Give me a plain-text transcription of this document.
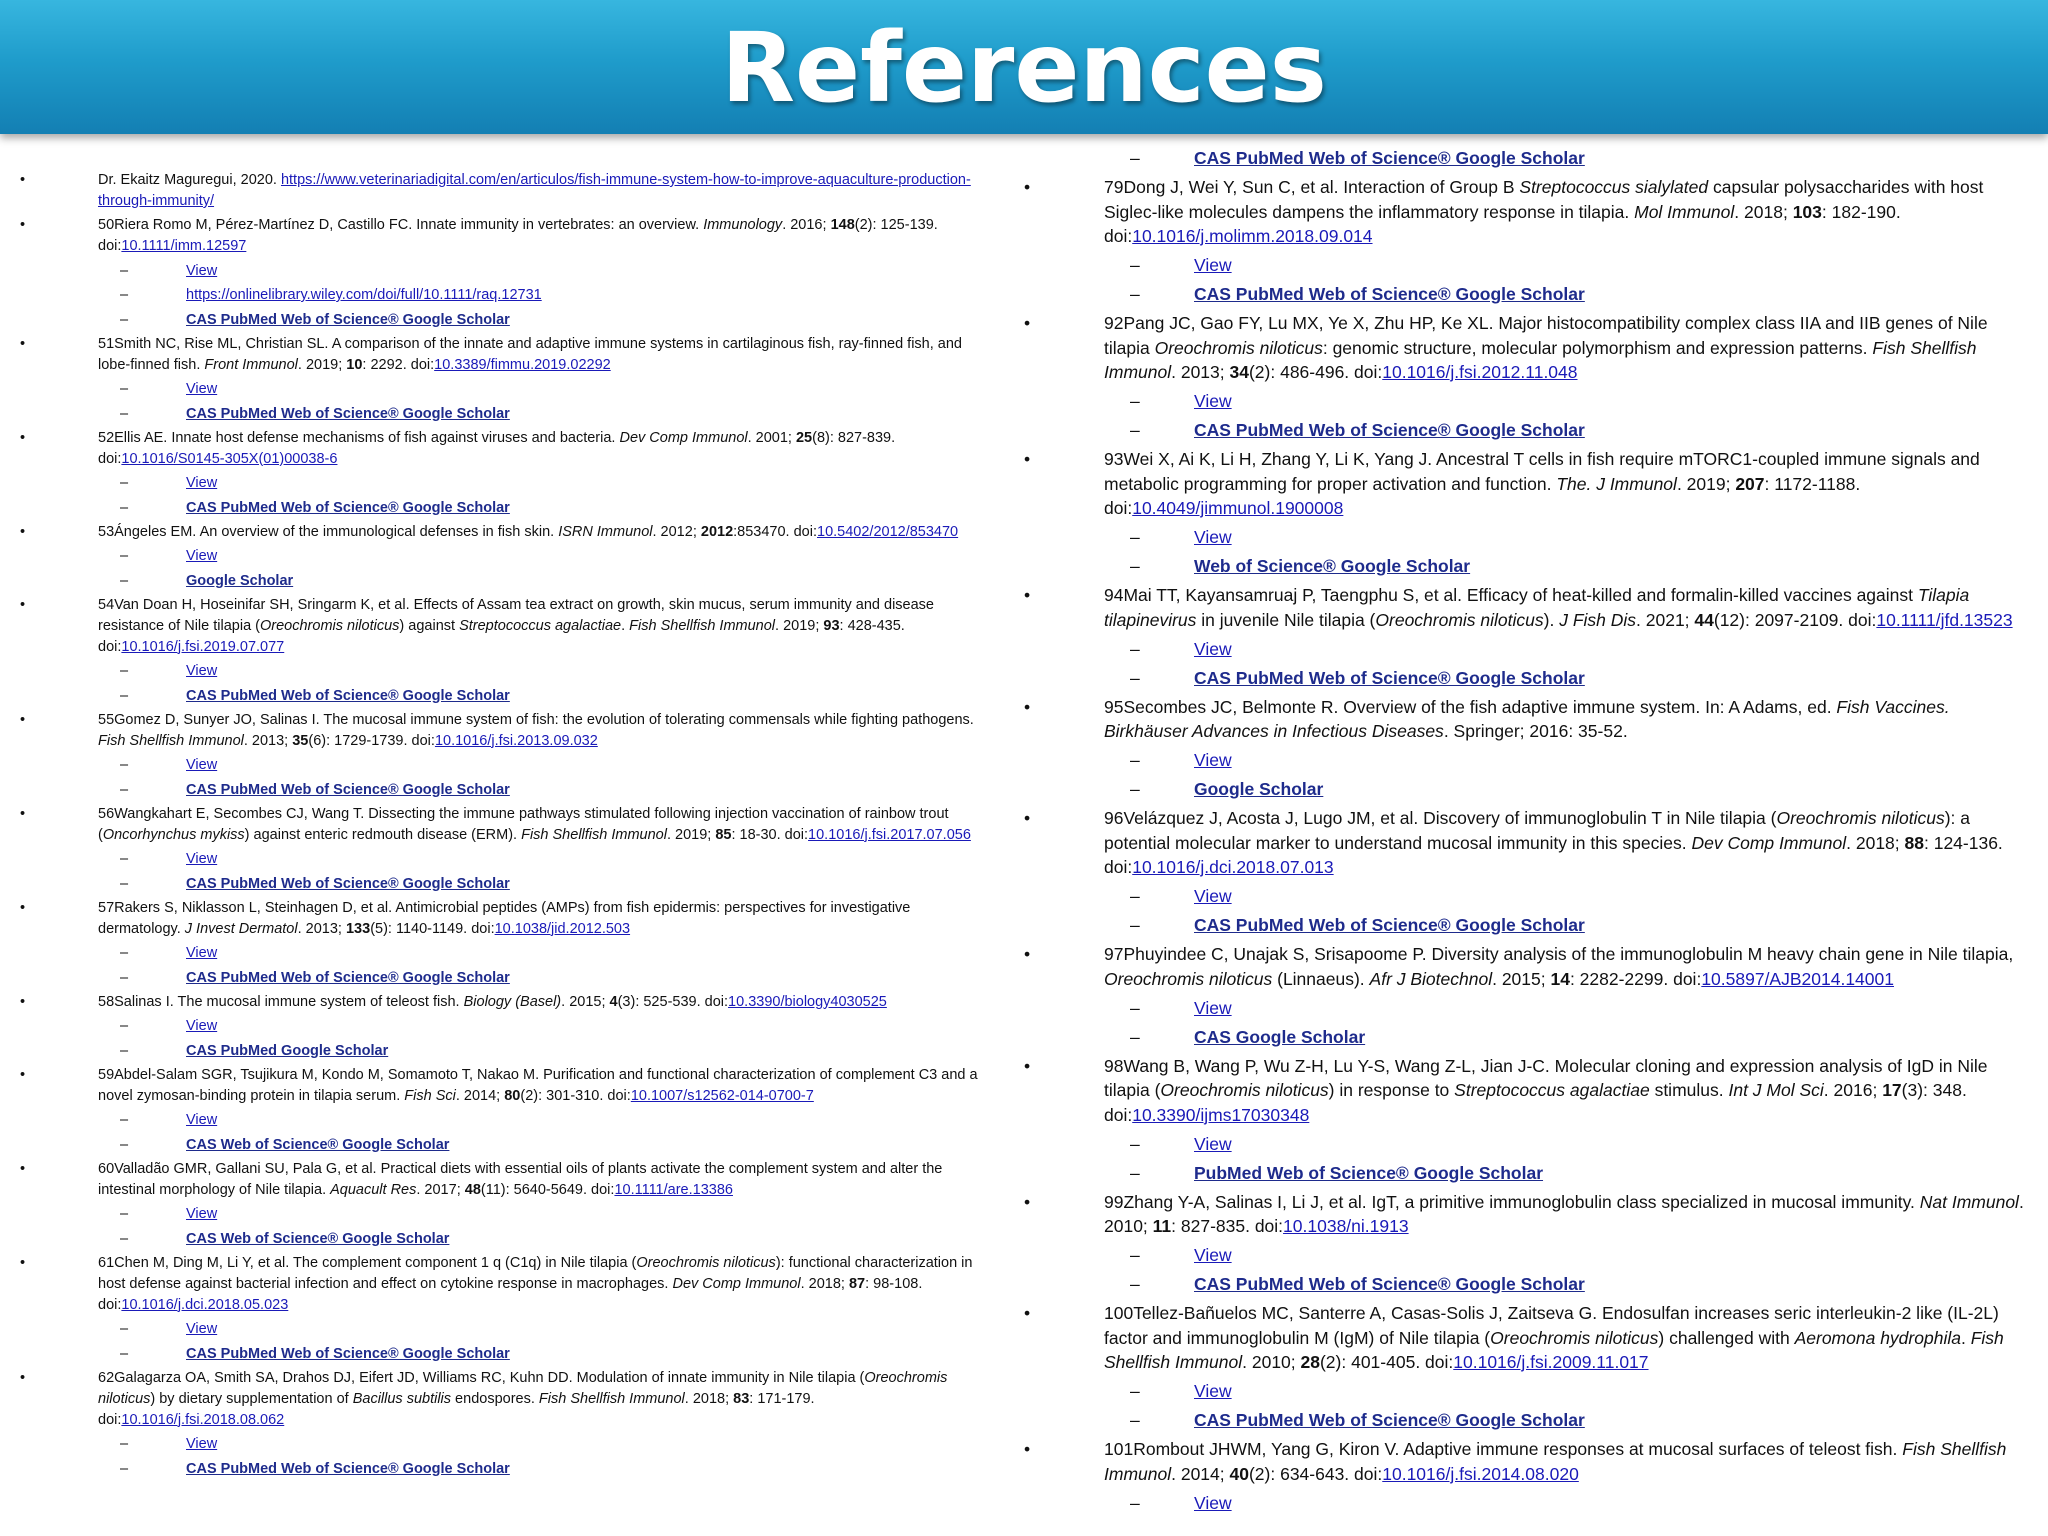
References
•	Dr. Ekaitz Maguregui, 2020. https://www.veterinariadigital.com/en/articulos/fish-immune-system-how-to-improve-aquaculture-production-through-immunity/
•	50Riera Romo M, Pérez-Martínez D, Castillo FC. Innate immunity in vertebrates: an overview. Immunology. 2016; 148(2): 125-139. doi:10.1111/imm.12597
–	View
–	https://onlinelibrary.wiley.com/doi/full/10.1111/raq.12731
–	CAS PubMed Web of Science® Google Scholar
•	51Smith NC, Rise ML, Christian SL. A comparison of the innate and adaptive immune systems in cartilaginous fish, ray-finned fish, and lobe-finned fish. Front Immunol. 2019; 10: 2292. doi:10.3389/fimmu.2019.02292
–	View
–	CAS PubMed Web of Science® Google Scholar
•	52Ellis AE. Innate host defense mechanisms of fish against viruses and bacteria. Dev Comp Immunol. 2001; 25(8): 827-839. doi:10.1016/S0145-305X(01)00038-6
–	View
–	CAS PubMed Web of Science® Google Scholar
•	53Ángeles EM. An overview of the immunological defenses in fish skin. ISRN Immunol. 2012; 2012:853470. doi:10.5402/2012/853470
–	View
–	Google Scholar
•	54Van Doan H, Hoseinifar SH, Sringarm K, et al. Effects of Assam tea extract on growth, skin mucus, serum immunity and disease resistance of Nile tilapia (Oreochromis niloticus) against Streptococcus agalactiae. Fish Shellfish Immunol. 2019; 93: 428-435. doi:10.1016/j.fsi.2019.07.077
–	View
–	CAS PubMed Web of Science® Google Scholar
•	55Gomez D, Sunyer JO, Salinas I. The mucosal immune system of fish: the evolution of tolerating commensals while fighting pathogens. Fish Shellfish Immunol. 2013; 35(6): 1729-1739. doi:10.1016/j.fsi.2013.09.032
–	View
–	CAS PubMed Web of Science® Google Scholar
•	56Wangkahart E, Secombes CJ, Wang T. Dissecting the immune pathways stimulated following injection vaccination of rainbow trout (Oncorhynchus mykiss) against enteric redmouth disease (ERM). Fish Shellfish Immunol. 2019; 85: 18-30. doi:10.1016/j.fsi.2017.07.056
–	View
–	CAS PubMed Web of Science® Google Scholar
•	57Rakers S, Niklasson L, Steinhagen D, et al. Antimicrobial peptides (AMPs) from fish epidermis: perspectives for investigative dermatology. J Invest Dermatol. 2013; 133(5): 1140-1149. doi:10.1038/jid.2012.503
–	View
–	CAS PubMed Web of Science® Google Scholar
•	58Salinas I. The mucosal immune system of teleost fish. Biology (Basel). 2015; 4(3): 525-539. doi:10.3390/biology4030525
–	View
–	CAS PubMed Google Scholar
•	59Abdel-Salam SGR, Tsujikura M, Kondo M, Somamoto T, Nakao M. Purification and functional characterization of complement C3 and a novel zymosan-binding protein in tilapia serum. Fish Sci. 2014; 80(2): 301-310. doi:10.1007/s12562-014-0700-7
–	View
–	CAS Web of Science® Google Scholar
•	60Valladão GMR, Gallani SU, Pala G, et al. Practical diets with essential oils of plants activate the complement system and alter the intestinal morphology of Nile tilapia. Aquacult Res. 2017; 48(11): 5640-5649. doi:10.1111/are.13386
–	View
–	CAS Web of Science® Google Scholar
•	61Chen M, Ding M, Li Y, et al. The complement component 1 q (C1q) in Nile tilapia (Oreochromis niloticus): functional characterization in host defense against bacterial infection and effect on cytokine response in macrophages. Dev Comp Immunol. 2018; 87: 98-108. doi:10.1016/j.dci.2018.05.023
–	View
–	CAS PubMed Web of Science® Google Scholar
•	62Galagarza OA, Smith SA, Drahos DJ, Eifert JD, Williams RC, Kuhn DD. Modulation of innate immunity in Nile tilapia (Oreochromis niloticus) by dietary supplementation of Bacillus subtilis endospores. Fish Shellfish Immunol. 2018; 83: 171-179. doi:10.1016/j.fsi.2018.08.062
–	View
–	CAS PubMed Web of Science® Google Scholar
–	CAS PubMed Web of Science® Google Scholar
•	79Dong J, Wei Y, Sun C, et al. Interaction of Group B Streptococcus sialylated capsular polysaccharides with host Siglec-like molecules dampens the inflammatory response in tilapia. Mol Immunol. 2018; 103: 182-190. doi:10.1016/j.molimm.2018.09.014
–	View
–	CAS PubMed Web of Science® Google Scholar
•	92Pang JC, Gao FY, Lu MX, Ye X, Zhu HP, Ke XL. Major histocompatibility complex class IIA and IIB genes of Nile tilapia Oreochromis niloticus: genomic structure, molecular polymorphism and expression patterns. Fish Shellfish Immunol. 2013; 34(2): 486-496. doi:10.1016/j.fsi.2012.11.048
–	View
–	CAS PubMed Web of Science® Google Scholar
•	93Wei X, Ai K, Li H, Zhang Y, Li K, Yang J. Ancestral T cells in fish require mTORC1-coupled immune signals and metabolic programming for proper activation and function. The. J Immunol. 2019; 207: 1172-1188. doi:10.4049/jimmunol.1900008
–	View
–	Web of Science® Google Scholar
•	94Mai TT, Kayansamruaj P, Taengphu S, et al. Efficacy of heat-killed and formalin-killed vaccines against Tilapia tilapinevirus in juvenile Nile tilapia (Oreochromis niloticus). J Fish Dis. 2021; 44(12): 2097-2109. doi:10.1111/jfd.13523
–	View
–	CAS PubMed Web of Science® Google Scholar
•	95Secombes JC, Belmonte R. Overview of the fish adaptive immune system. In: A Adams, ed. Fish Vaccines. Birkhäuser Advances in Infectious Diseases. Springer; 2016: 35-52.
–	View
–	Google Scholar
•	96Velázquez J, Acosta J, Lugo JM, et al. Discovery of immunoglobulin T in Nile tilapia (Oreochromis niloticus): a potential molecular marker to understand mucosal immunity in this species. Dev Comp Immunol. 2018; 88: 124-136. doi:10.1016/j.dci.2018.07.013
–	View
–	CAS PubMed Web of Science® Google Scholar
•	97Phuyindee C, Unajak S, Srisapoome P. Diversity analysis of the immunoglobulin M heavy chain gene in Nile tilapia, Oreochromis niloticus (Linnaeus). Afr J Biotechnol. 2015; 14: 2282-2299. doi:10.5897/AJB2014.14001
–	View
–	CAS Google Scholar
•	98Wang B, Wang P, Wu Z-H, Lu Y-S, Wang Z-L, Jian J-C. Molecular cloning and expression analysis of IgD in Nile tilapia (Oreochromis niloticus) in response to Streptococcus agalactiae stimulus. Int J Mol Sci. 2016; 17(3): 348. doi:10.3390/ijms17030348
–	View
–	PubMed Web of Science® Google Scholar
•	99Zhang Y-A, Salinas I, Li J, et al. IgT, a primitive immunoglobulin class specialized in mucosal immunity. Nat Immunol. 2010; 11: 827-835. doi:10.1038/ni.1913
–	View
–	CAS PubMed Web of Science® Google Scholar
•	100Tellez-Bañuelos MC, Santerre A, Casas-Solis J, Zaitseva G. Endosulfan increases seric interleukin-2 like (IL-2L) factor and immunoglobulin M (IgM) of Nile tilapia (Oreochromis niloticus) challenged with Aeromona hydrophila. Fish Shellfish Immunol. 2010; 28(2): 401-405. doi:10.1016/j.fsi.2009.11.017
–	View
–	CAS PubMed Web of Science® Google Scholar
•	101Rombout JHWM, Yang G, Kiron V. Adaptive immune responses at mucosal surfaces of teleost fish. Fish Shellfish Immunol. 2014; 40(2): 634-643. doi:10.1016/j.fsi.2014.08.020
–	View
